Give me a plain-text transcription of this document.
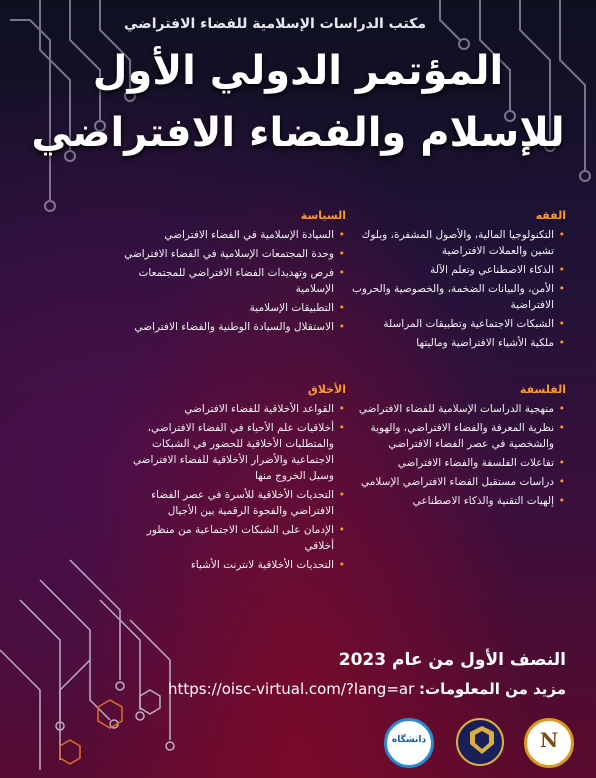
مكتب الدراسات الإسلامية للفضاء الافتراضي
المؤتمر الدولي الأول
للإسلام والفضاء الافتراضي
الفقه
• التكنولوجيا المالية، والأصول المشفرة، وبلوك تشين والعملات الافتراضية
• الذكاء الاصطناعي وتعلم الآلة
• الأمن، والبيانات الضخمة، والخصوصية والحروب الافتراضية
• الشبكات الاجتماعية وتطبيقات المراسلة
• ملكية الأشياء الافتراضية وماليتها
السياسة
• السيادة الإسلامية في الفضاء الافتراضي
• وحدة المجتمعات الإسلامية في الفضاء الافتراضي
• فرص وتهديدات الفضاء الافتراضي للمجتمعات الإسلامية
• التطبيقات الإسلامية
• الاستقلال والسيادة الوطنية والفضاء الافتراضي
الفلسفة
• منهجية الدراسات الإسلامية للفضاء الافتراضي
• نظرية المعرفة والفضاء الافتراضي، والهوية والشخصية في عصر الفضاء الافتراضي
• تفاعلات الفلسفة والفضاء الافتراضي
• دراسات مستقبل الفضاء الافتراضي الإسلامي
• إلهيات التقنية والذكاء الاصطناعي
الأخلاق
• القواعد الأخلاقية للفضاء الافتراضي
• أخلاقيات علم الأحياء في الفضاء الافتراضي، والمتطلبات الأخلاقية للحضور في الشبكات الاجتماعية والأضرار الأخلاقية للفضاء الافتراضي وسبل الخروج منها
• التحديات الأخلاقية للأسرة في عصر الفضاء الافتراضي والفجوة الرقمية بين الأجيال
• الإدمان على الشبكات الاجتماعية من منظور أخلاقي
• التحديات الأخلاقية لانترنت الأشياء
النصف الأول من عام 2023
مزيد من المعلومات: https://oisc-virtual.com/?lang=ar
N
دانشگاه
